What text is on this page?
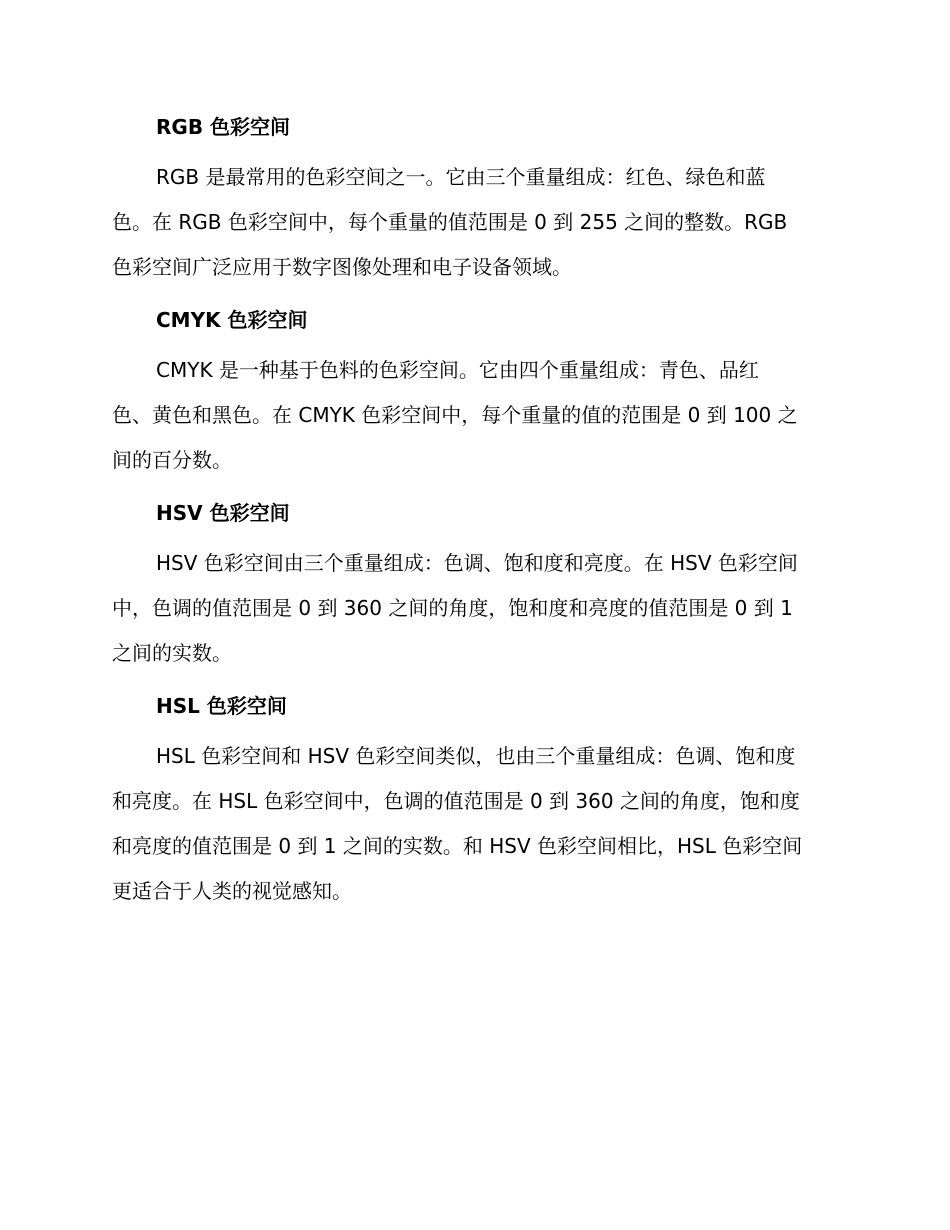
RGB 色彩空间

RGB 是最常用的色彩空间之一。它由三个重量组成：红色、绿色和蓝
色。在 RGB 色彩空间中，每个重量的值范围是 0 到 255 之间的整数。RGB
色彩空间广泛应用于数字图像处理和电子设备领域。

CMYK 色彩空间

CMYK 是一种基于色料的色彩空间。它由四个重量组成：青色、品红
色、黄色和黑色。在 CMYK 色彩空间中，每个重量的值的范围是 0 到 100 之
间的百分数。

HSV 色彩空间

HSV 色彩空间由三个重量组成：色调、饱和度和亮度。在 HSV 色彩空间
中，色调的值范围是 0 到 360 之间的角度，饱和度和亮度的值范围是 0 到 1
之间的实数。

HSL 色彩空间

HSL 色彩空间和 HSV 色彩空间类似，也由三个重量组成：色调、饱和度
和亮度。在 HSL 色彩空间中，色调的值范围是 0 到 360 之间的角度，饱和度
和亮度的值范围是 0 到 1 之间的实数。和 HSV 色彩空间相比，HSL 色彩空间
更适合于人类的视觉感知。
